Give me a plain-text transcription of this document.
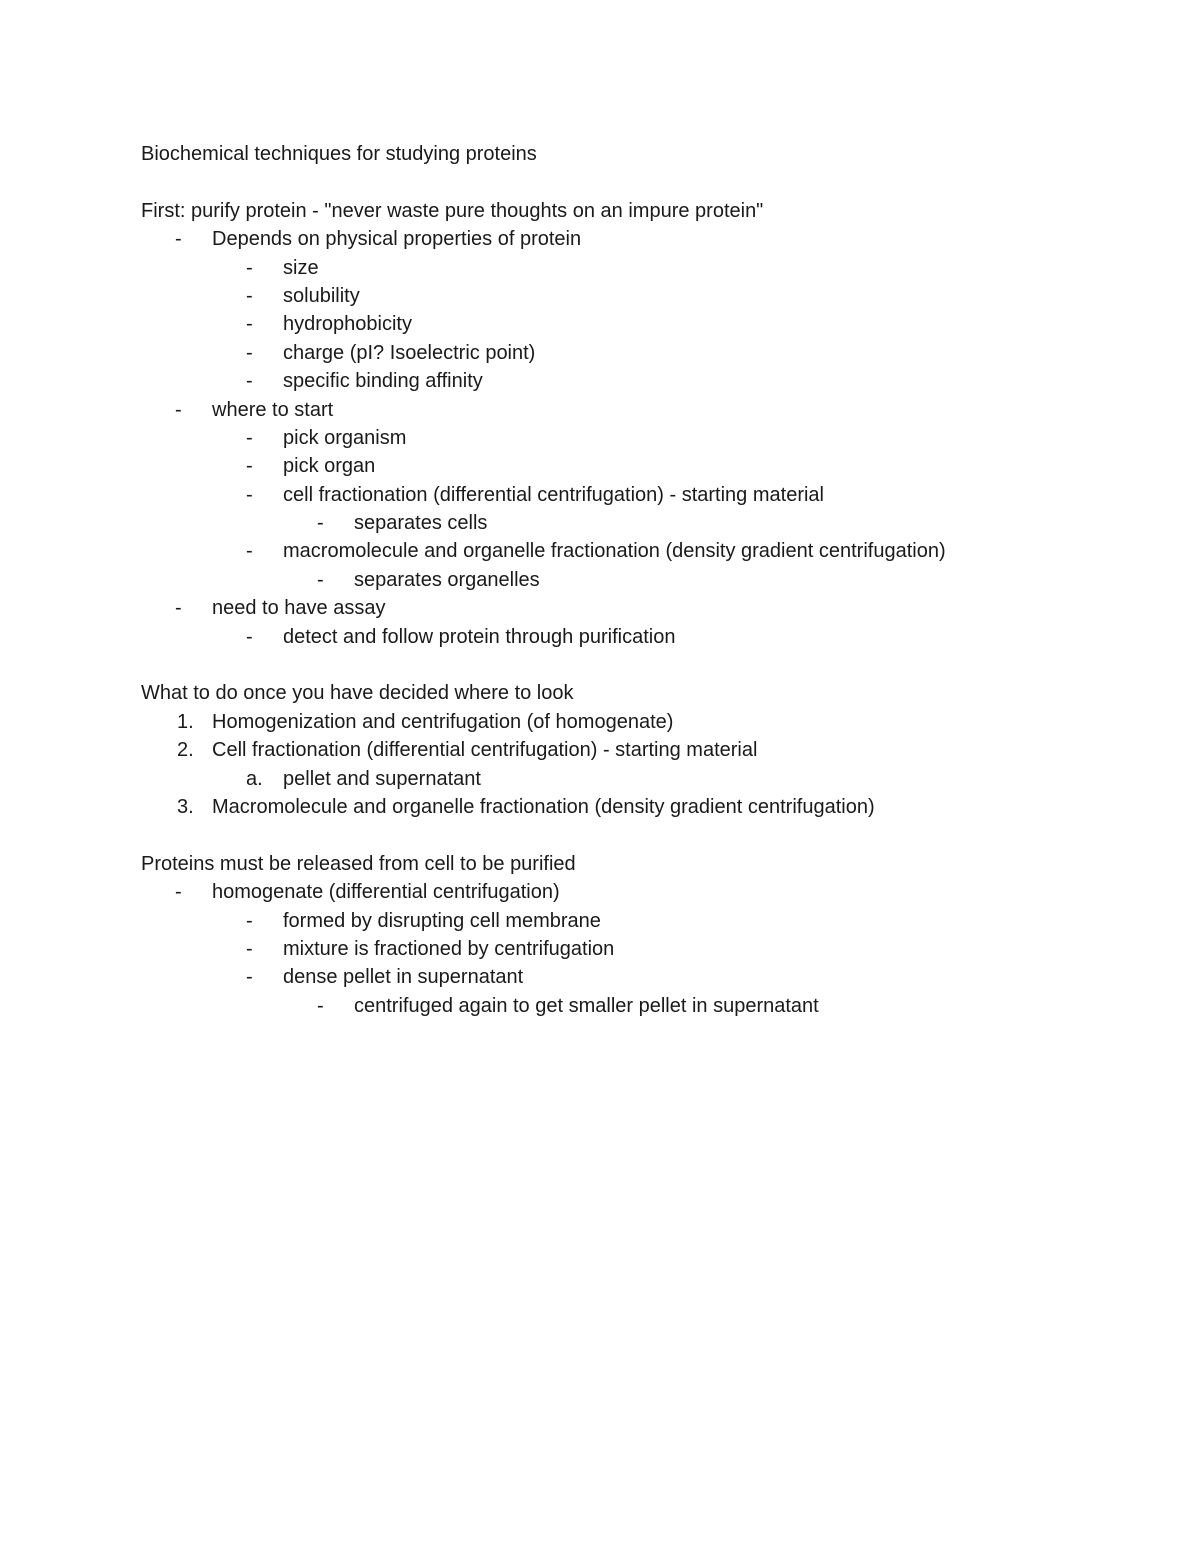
Biochemical techniques for studying proteins
First: purify protein - "never waste pure thoughts on an impure protein"
- Depends on physical properties of protein
- size
- solubility
- hydrophobicity
- charge (pI? Isoelectric point)
- specific binding affinity
- where to start
- pick organism
- pick organ
- cell fractionation (differential centrifugation) - starting material
- separates cells
- macromolecule and organelle fractionation (density gradient centrifugation)
- separates organelles
- need to have assay
- detect and follow protein through purification
What to do once you have decided where to look
1. Homogenization and centrifugation (of homogenate)
2. Cell fractionation (differential centrifugation) - starting material
a. pellet and supernatant
3. Macromolecule and organelle fractionation (density gradient centrifugation)
Proteins must be released from cell to be purified
- homogenate (differential centrifugation)
- formed by disrupting cell membrane
- mixture is fractioned by centrifugation
- dense pellet in supernatant
- centrifuged again to get smaller pellet in supernatant
